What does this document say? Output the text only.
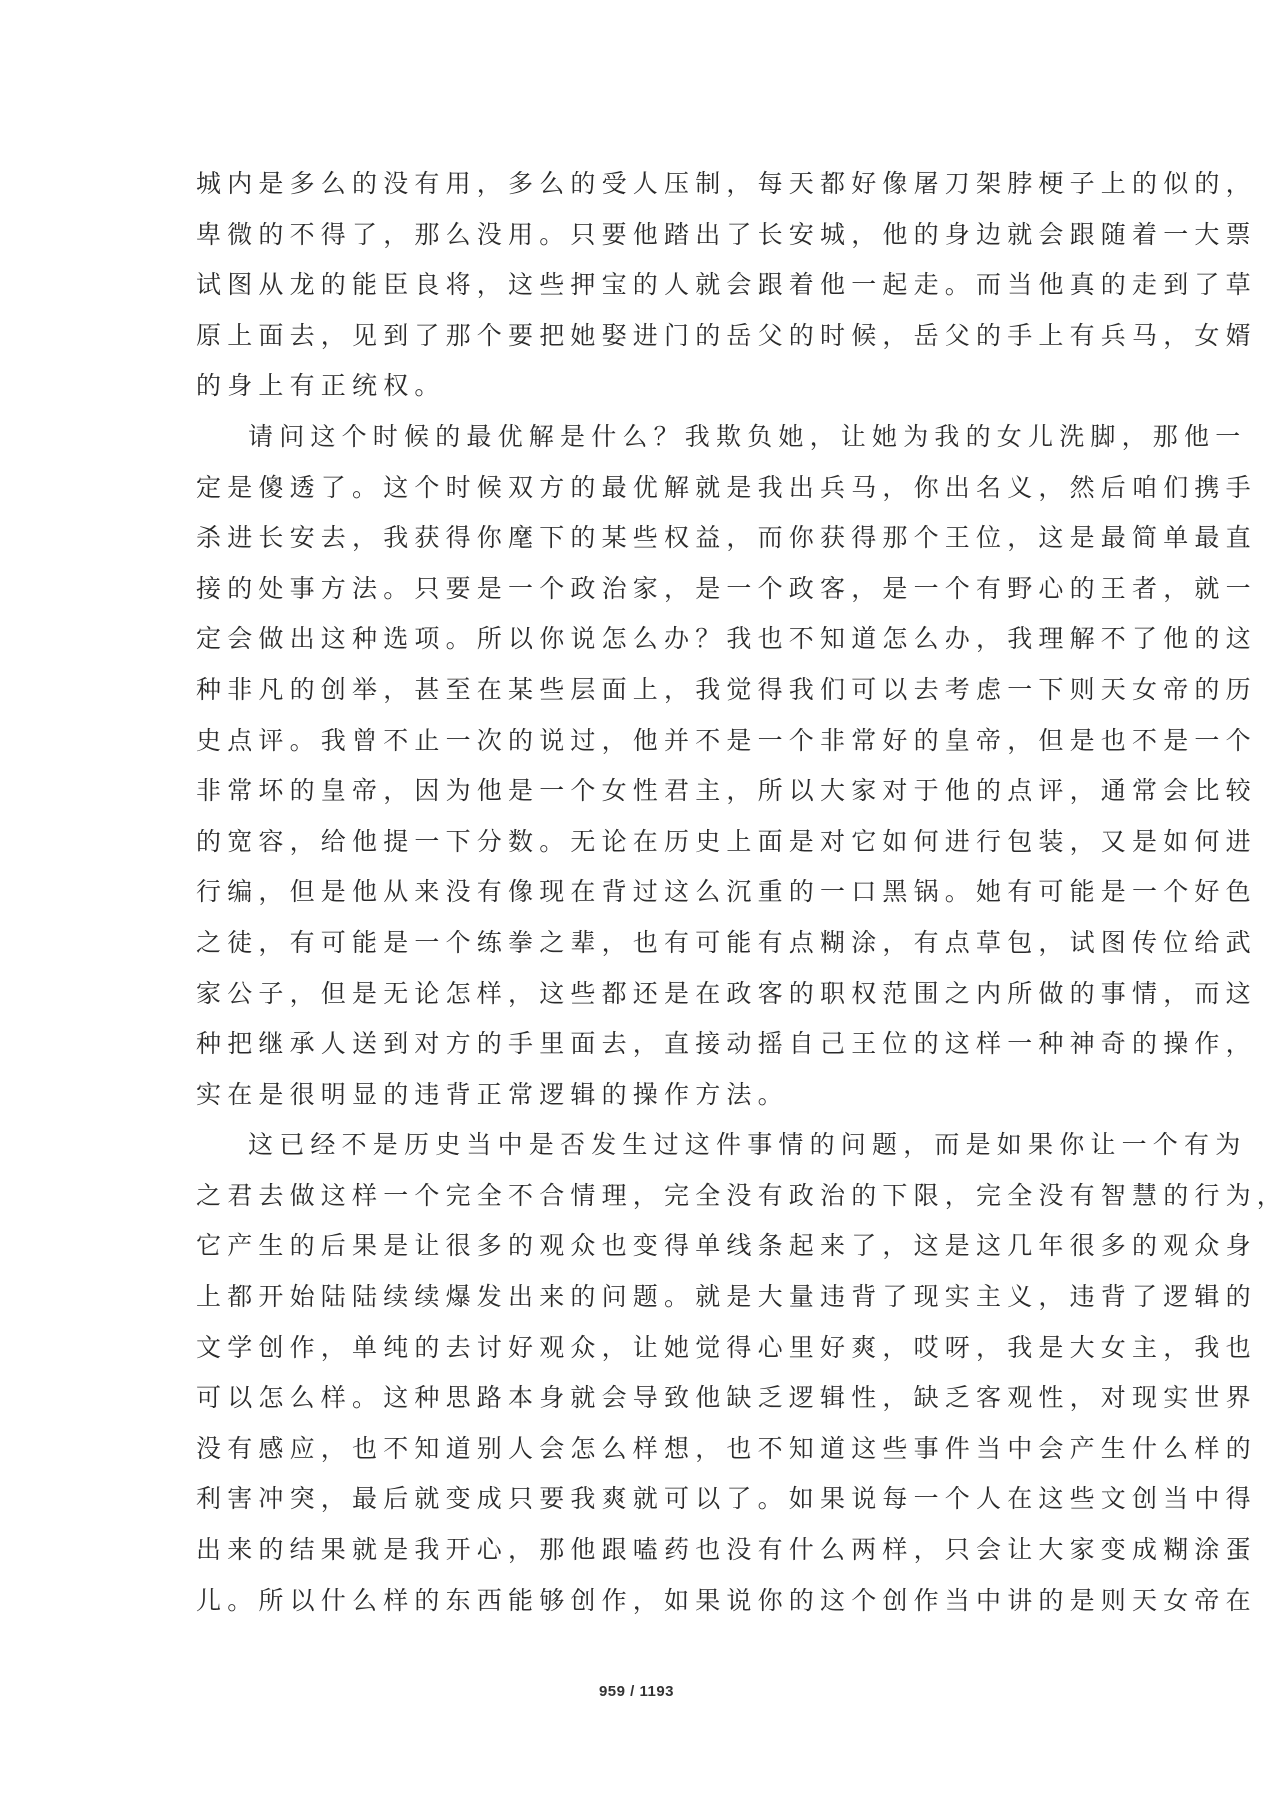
城内是多么的没有用，多么的受人压制，每天都好像屠刀架脖梗子上的似的，
卑微的不得了，那么没用。只要他踏出了长安城，他的身边就会跟随着一大票
试图从龙的能臣良将，这些押宝的人就会跟着他一起走。而当他真的走到了草
原上面去，见到了那个要把她娶进门的岳父的时候，岳父的手上有兵马，女婿
的身上有正统权。
请问这个时候的最优解是什么？我欺负她，让她为我的女儿洗脚，那他一
定是傻透了。这个时候双方的最优解就是我出兵马，你出名义，然后咱们携手
杀进长安去，我获得你麾下的某些权益，而你获得那个王位，这是最简单最直
接的处事方法。只要是一个政治家，是一个政客，是一个有野心的王者，就一
定会做出这种选项。所以你说怎么办？我也不知道怎么办，我理解不了他的这
种非凡的创举，甚至在某些层面上，我觉得我们可以去考虑一下则天女帝的历
史点评。我曾不止一次的说过，他并不是一个非常好的皇帝，但是也不是一个
非常坏的皇帝，因为他是一个女性君主，所以大家对于他的点评，通常会比较
的宽容，给他提一下分数。无论在历史上面是对它如何进行包装，又是如何进
行编，但是他从来没有像现在背过这么沉重的一口黑锅。她有可能是一个好色
之徒，有可能是一个练拳之辈，也有可能有点糊涂，有点草包，试图传位给武
家公子，但是无论怎样，这些都还是在政客的职权范围之内所做的事情，而这
种把继承人送到对方的手里面去，直接动摇自己王位的这样一种神奇的操作，
实在是很明显的违背正常逻辑的操作方法。
这已经不是历史当中是否发生过这件事情的问题，而是如果你让一个有为
之君去做这样一个完全不合情理，完全没有政治的下限，完全没有智慧的行为，
它产生的后果是让很多的观众也变得单线条起来了，这是这几年很多的观众身
上都开始陆陆续续爆发出来的问题。就是大量违背了现实主义，违背了逻辑的
文学创作，单纯的去讨好观众，让她觉得心里好爽，哎呀，我是大女主，我也
可以怎么样。这种思路本身就会导致他缺乏逻辑性，缺乏客观性，对现实世界
没有感应，也不知道别人会怎么样想，也不知道这些事件当中会产生什么样的
利害冲突，最后就变成只要我爽就可以了。如果说每一个人在这些文创当中得
出来的结果就是我开心，那他跟嗑药也没有什么两样，只会让大家变成糊涂蛋
儿。所以什么样的东西能够创作，如果说你的这个创作当中讲的是则天女帝在
959 / 1193
